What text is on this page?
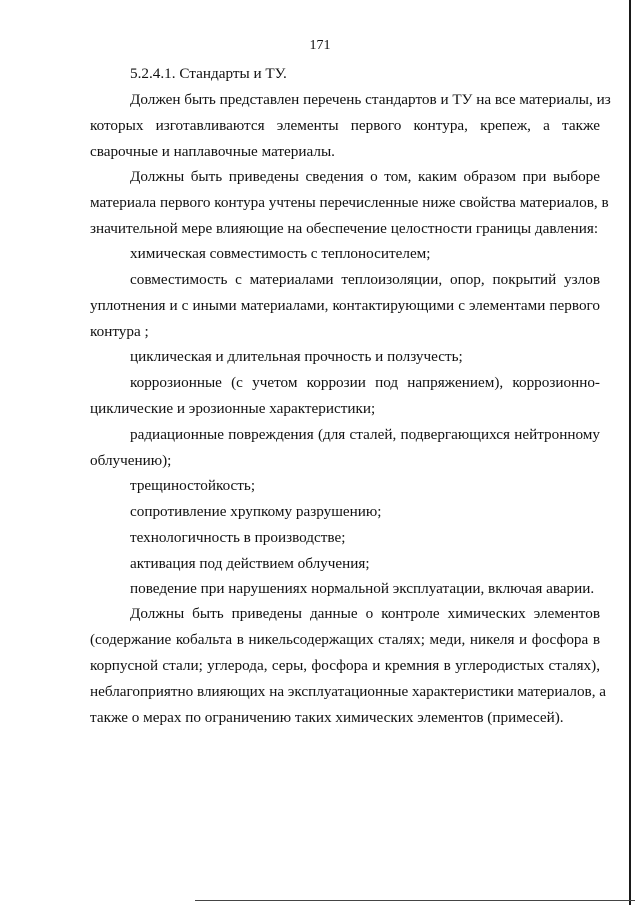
171
5.2.4.1. Стандарты и ТУ.
Должен быть представлен перечень стандартов и ТУ на все материалы, из
которых изготавливаются элементы первого контура, крепеж, а также
сварочные и наплавочные материалы.
Должны быть приведены сведения о том, каким образом при выборе
материала первого контура учтены перечисленные ниже свойства материалов, в
значительной мере влияющие на обеспечение целостности границы давления:
химическая совместимость с теплоносителем;
совместимость с материалами теплоизоляции, опор, покрытий узлов
уплотнения и с иными материалами, контактирующими с элементами первого
контура ;
циклическая и длительная прочность и ползучесть;
коррозионные (с учетом коррозии под напряжением), коррозионно-
циклические и эрозионные характеристики;
радиационные повреждения (для сталей, подвергающихся нейтронному
облучению);
трещиностойкость;
сопротивление хрупкому разрушению;
технологичность в производстве;
активация под действием облучения;
поведение при нарушениях нормальной эксплуатации, включая аварии.
Должны быть приведены данные о контроле химических элементов
(содержание кобальта в никельсодержащих сталях; меди, никеля и фосфора в
корпусной стали; углерода, серы, фосфора и кремния в углеродистых сталях),
неблагоприятно влияющих на эксплуатационные характеристики материалов, а
также о мерах по ограничению таких химических элементов (примесей).
